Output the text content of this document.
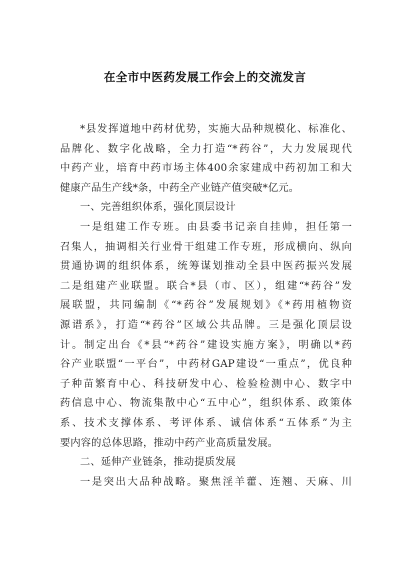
在全市中医药发展工作会上的交流发言
*县发挥道地中药材优势，实施大品种规模化、标准化、
品牌化、数字化战略，全力打造“*药谷”，大力发展现代
中药产业，培育中药市场主体400余家建成中药初加工和大
健康产品生产线*条，中药全产业链产值突破*亿元。
一、完善组织体系，强化顶层设计
一是组建工作专班。由县委书记亲自挂帅，担任第一
召集人，抽调相关行业骨干组建工作专班，形成横向、纵向
贯通协调的组织体系，统筹谋划推动全县中医药振兴发展
二是组建产业联盟。联合*县（市、区），组建“*药谷”发
展联盟，共同编制《“*药谷”发展规划》《*药用植物资
源谱系》，打造“*药谷”区域公共品牌。三是强化顶层设
计。制定出台《*县“*药谷”建设实施方案》，明确以*药
谷产业联盟“一平台”，中药材GAP建设“一重点”，优良种
子种苗繁育中心、科技研发中心、检验检测中心、数字中
药信息中心、物流集散中心“五中心”，组织体系、政策体
系、技术支撑体系、考评体系、诚信体系“五体系”为主
要内容的总体思路，推动中药产业高质量发展。
二、延伸产业链条，推动提质发展
一是突出大品种战略。聚焦淫羊藿、连翘、天麻、川
